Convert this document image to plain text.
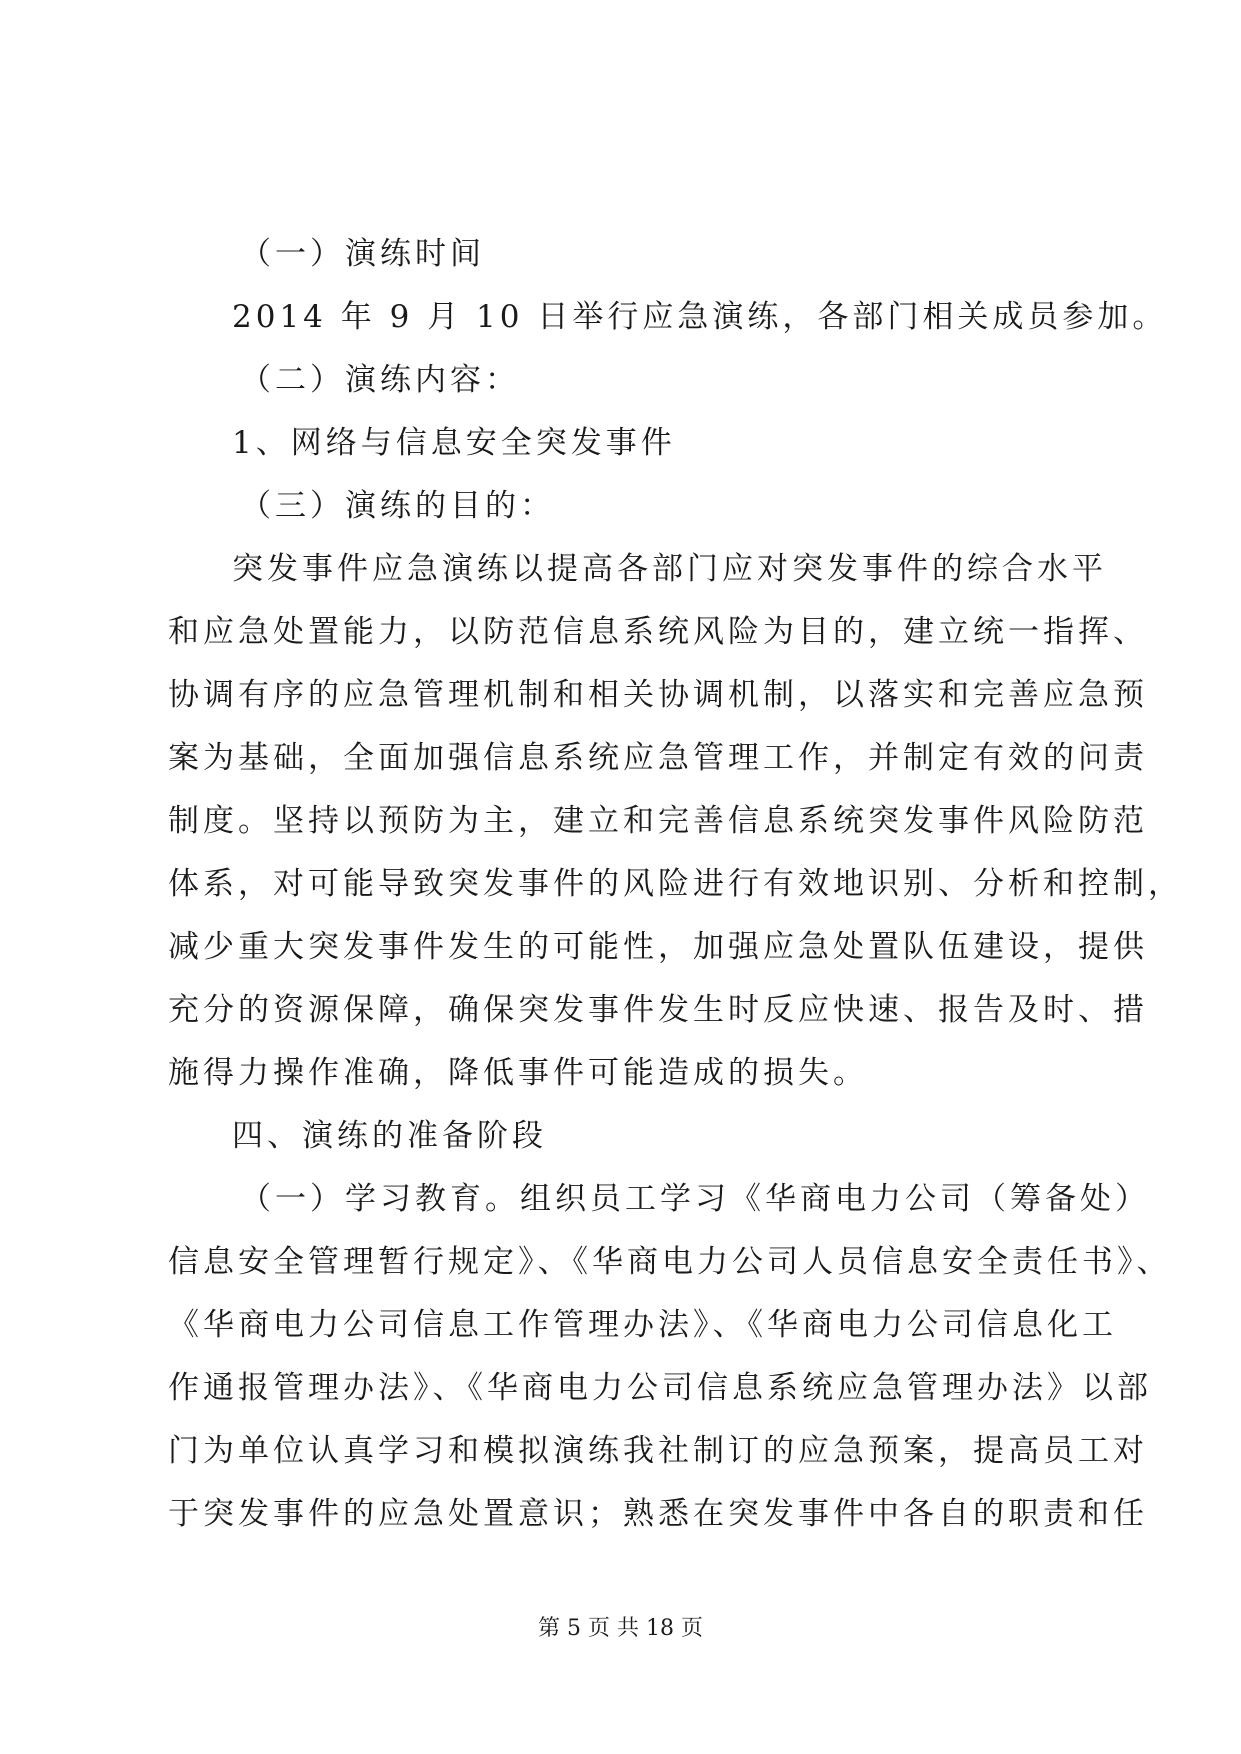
（一）演练时间
2014 年 9 月 10 日举行应急演练，各部门相关成员参加。
（二）演练内容：
1、网络与信息安全突发事件
（三）演练的目的：
突发事件应急演练以提高各部门应对突发事件的综合水平
和应急处置能力，以防范信息系统风险为目的，建立统一指挥、
协调有序的应急管理机制和相关协调机制，以落实和完善应急预
案为基础，全面加强信息系统应急管理工作，并制定有效的问责
制度。坚持以预防为主，建立和完善信息系统突发事件风险防范
体系，对可能导致突发事件的风险进行有效地识别、分析和控制，
减少重大突发事件发生的可能性，加强应急处置队伍建设，提供
充分的资源保障，确保突发事件发生时反应快速、报告及时、措
施得力操作准确，降低事件可能造成的损失。
四、演练的准备阶段
（一）学习教育。组织员工学习《华商电力公司（筹备处）
信息安全管理暂行规定》、《华商电力公司人员信息安全责任书》、
《华商电力公司信息工作管理办法》、《华商电力公司信息化工
作通报管理办法》、《华商电力公司信息系统应急管理办法》以部
门为单位认真学习和模拟演练我社制订的应急预案，提高员工对
于突发事件的应急处置意识；熟悉在突发事件中各自的职责和任
第 5 页 共 18 页
